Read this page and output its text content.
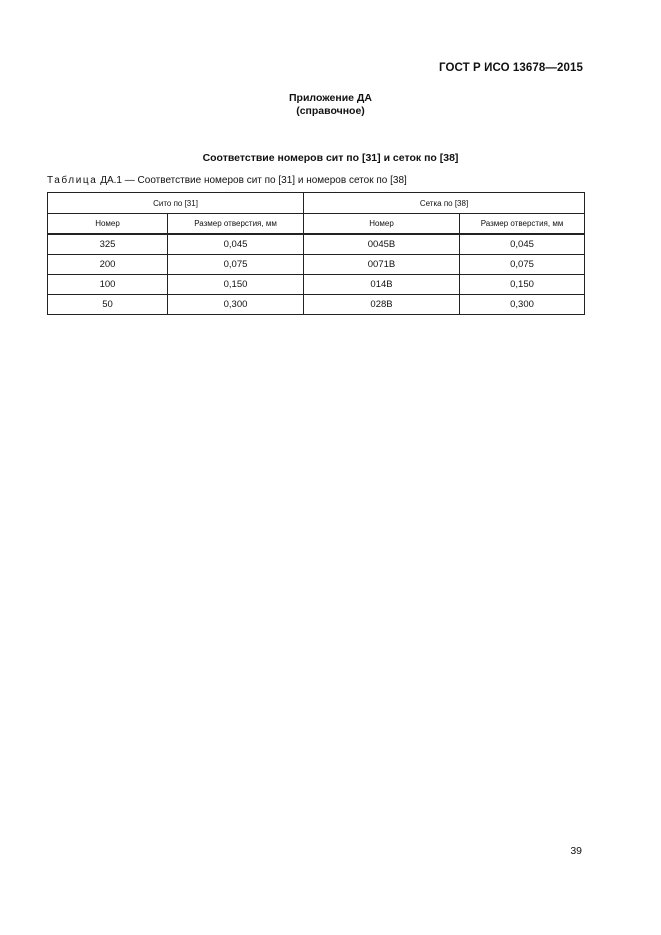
ГОСТ Р ИСО 13678—2015
Приложение ДА
(справочное)
Соответствие номеров сит по [31] и сеток по [38]
Таблица ДА.1 — Соответствие номеров сит по [31] и номеров сеток по [38]
Сито по [31]		Сетка по [38]	
Номер	Размер отверстия, мм	Номер	Размер отверстия, мм
325	0,045	0045В	0,045
200	0,075	0071В	0,075
100	0,150	014В	0,150
50	0,300	028В	0,300
39
